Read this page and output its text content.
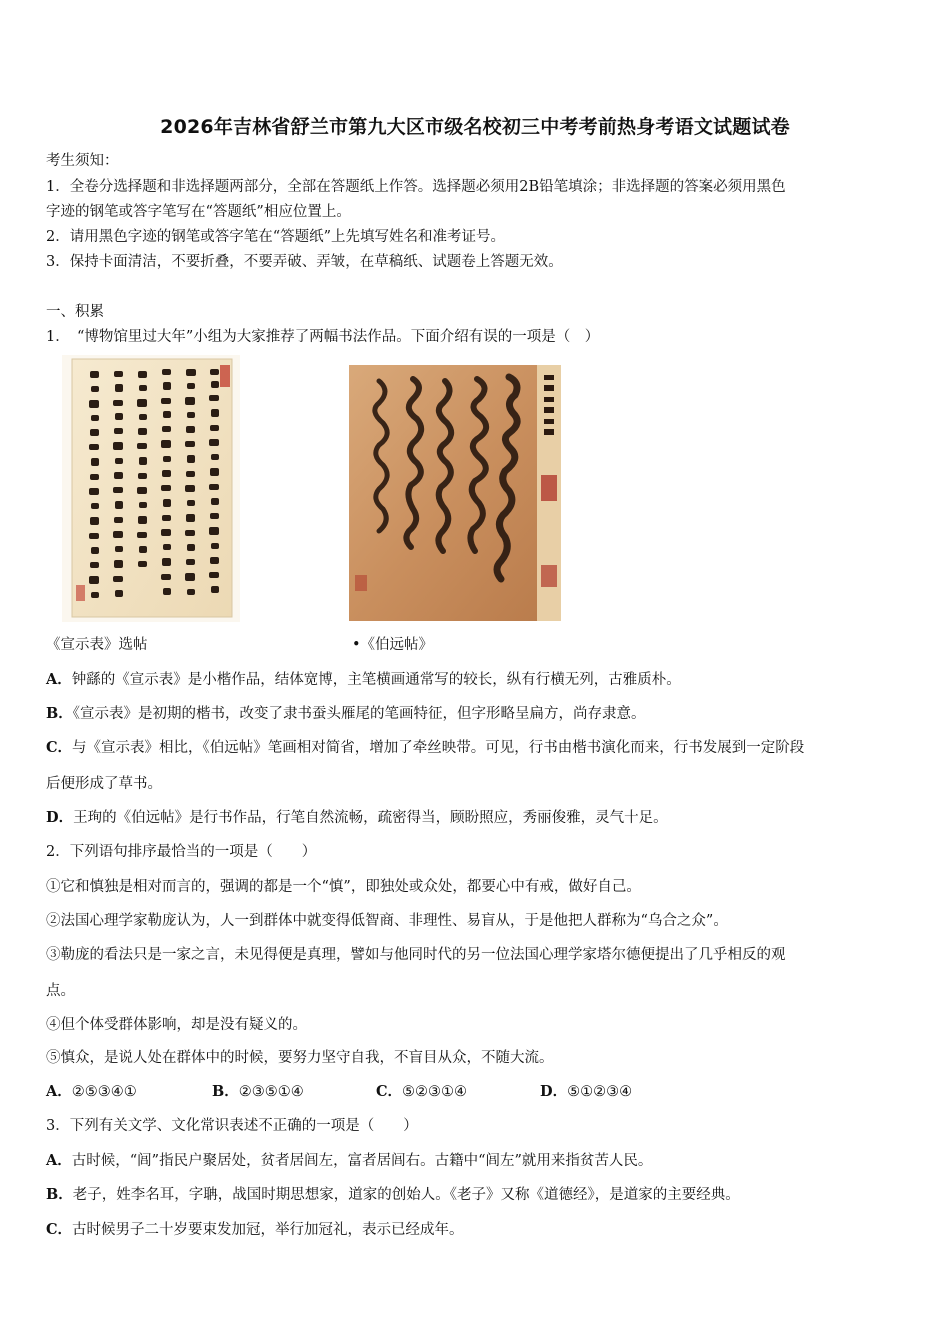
2026年吉林省舒兰市第九大区市级名校初三中考考前热身考语文试题试卷
考生须知：
1．全卷分选择题和非选择题两部分，全部在答题纸上作答。选择题必须用2B铅笔填涂；非选择题的答案必须用黑色
字迹的钢笔或答字笔写在“答题纸”相应位置上。
2．请用黑色字迹的钢笔或答字笔在“答题纸”上先填写姓名和准考证号。
3．保持卡面清洁，不要折叠，不要弄破、弄皱，在草稿纸、试题卷上答题无效。
一、积累
1．　“博物馆里过大年”小组为大家推荐了两幅书法作品。下面介绍有误的一项是（　）
《宣示表》选帖	•《伯远帖》
A．钟繇的《宣示表》是小楷作品，结体宽博，主笔横画通常写的较长，纵有行横无列，古雅质朴。
B．《宣示表》是初期的楷书，改变了隶书蚕头雁尾的笔画特征，但字形略呈扁方，尚存隶意。
C．与《宣示表》相比，《伯远帖》笔画相对简省，增加了牵丝映带。可见，行书由楷书演化而来，行书发展到一定阶段
后便形成了草书。
D．王珣的《伯远帖》是行书作品，行笔自然流畅，疏密得当，顾盼照应，秀丽俊雅，灵气十足。
2．下列语句排序最恰当的一项是（　　）
①它和慎独是相对而言的，强调的都是一个“慎”，即独处或众处，都要心中有戒，做好自己。
②法国心理学家勒庞认为，人一到群体中就变得低智商、非理性、易盲从，于是他把人群称为“乌合之众”。
③勒庞的看法只是一家之言，未见得便是真理，譬如与他同时代的另一位法国心理学家塔尔德便提出了几乎相反的观
点。
④但个体受群体影响，却是没有疑义的。
⑤慎众，是说人处在群体中的时候，要努力坚守自我，不盲目从众，不随大流。
A．②⑤③④①	B．②③⑤①④	C．⑤②③①④	D．⑤①②③④
3．下列有关文学、文化常识表述不正确的一项是（　　）
A．古时候，“闾”指民户聚居处，贫者居闾左，富者居闾右。古籍中“闾左”就用来指贫苦人民。
B．老子，姓李名耳，字聃，战国时期思想家，道家的创始人。《老子》又称《道德经》，是道家的主要经典。
C．古时候男子二十岁要束发加冠，举行加冠礼，表示已经成年。
